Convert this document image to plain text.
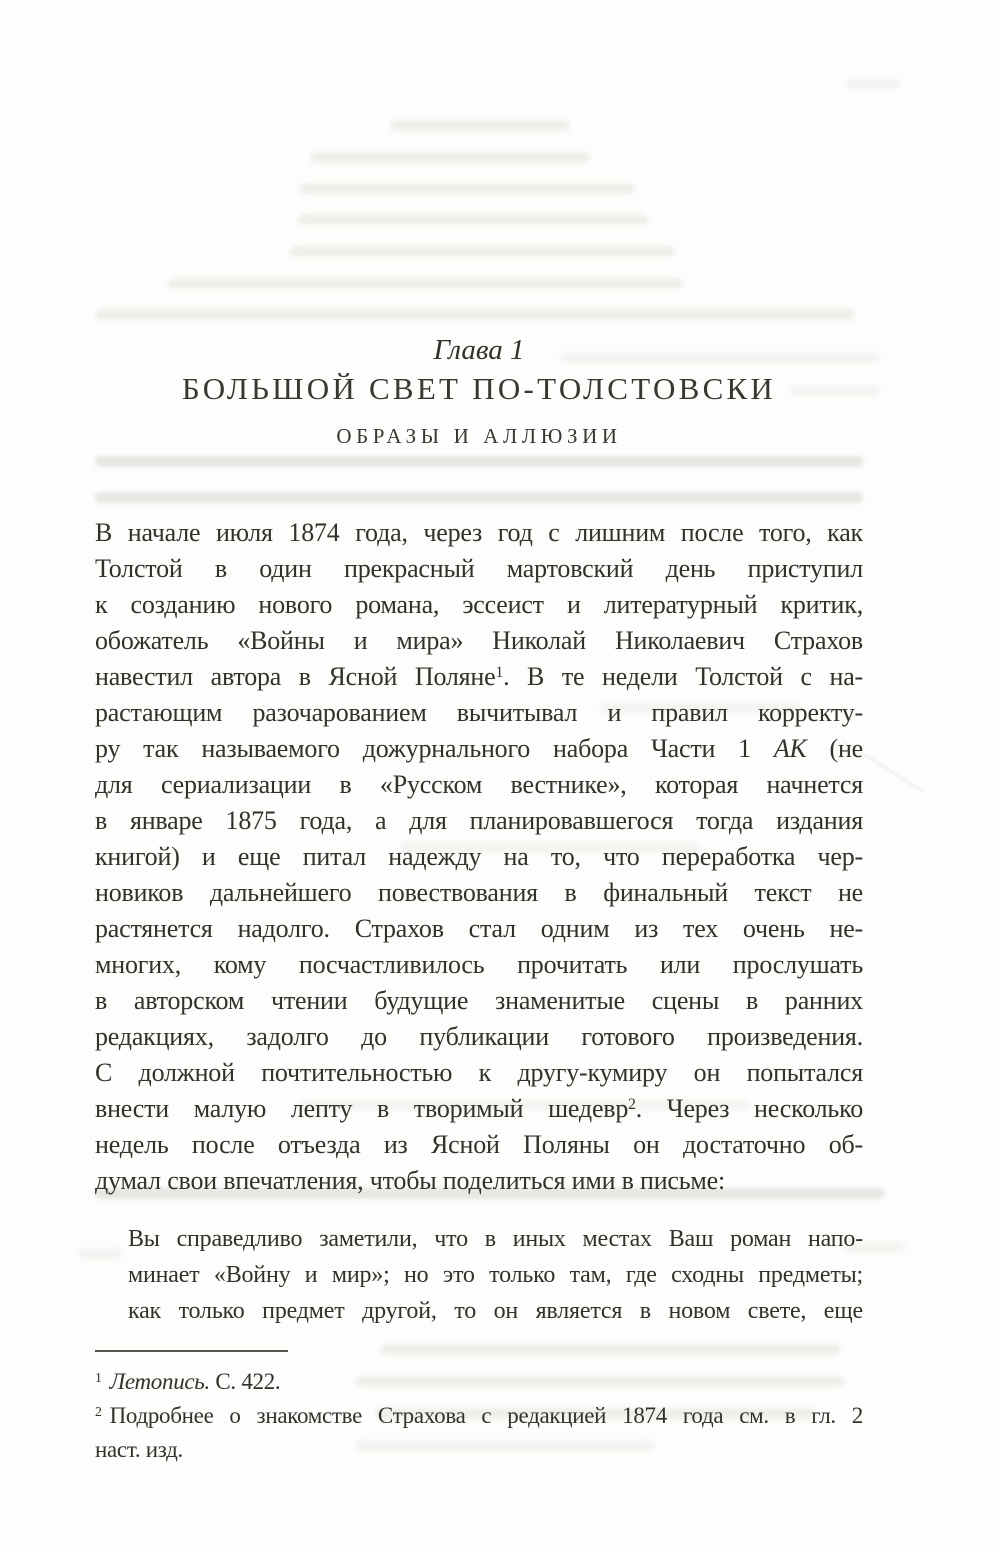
Глава 1
БОЛЬШОЙ СВЕТ ПО-ТОЛСТОВСКИ
ОБРАЗЫ И АЛЛЮЗИИ
В начале июля 1874 года, через год с лишним после того, как
Толстой в один прекрасный мартовский день приступил
к созданию нового романа, эссеист и литературный критик,
обожатель «Войны и мира» Николай Николаевич Страхов
навестил автора в Ясной Поляне$^1$. В те недели Толстой с на-
растающим разочарованием вычитывал и правил корректу-
ру так называемого дожурнального набора Части 1 АК (не
для сериализации в «Русском вестнике», которая начнется
в январе 1875 года, а для планировавшегося тогда издания
книгой) и еще питал надежду на то, что переработка чер-
новиков дальнейшего повествования в финальный текст не
растянется надолго. Страхов стал одним из тех очень не-
многих, кому посчастливилось прочитать или прослушать
в авторском чтении будущие знаменитые сцены в ранних
редакциях, задолго до публикации готового произведения.
С должной почтительностью к другу-кумиру он попытался
внести малую лепту в творимый шедевр$^2$. Через несколько
недель после отъезда из Ясной Поляны он достаточно об-
думал свои впечатления, чтобы поделиться ими в письме:
Вы справедливо заметили, что в иных местах Ваш роман напо-
минает «Войну и мир»; но это только там, где сходны предметы;
как только предмет другой, то он является в новом свете, еще
$^1$ Летопись. С. 422.
$^2$ Подробнее о знакомстве Страхова с редакцией 1874 года см. в гл. 2
наст. изд.
